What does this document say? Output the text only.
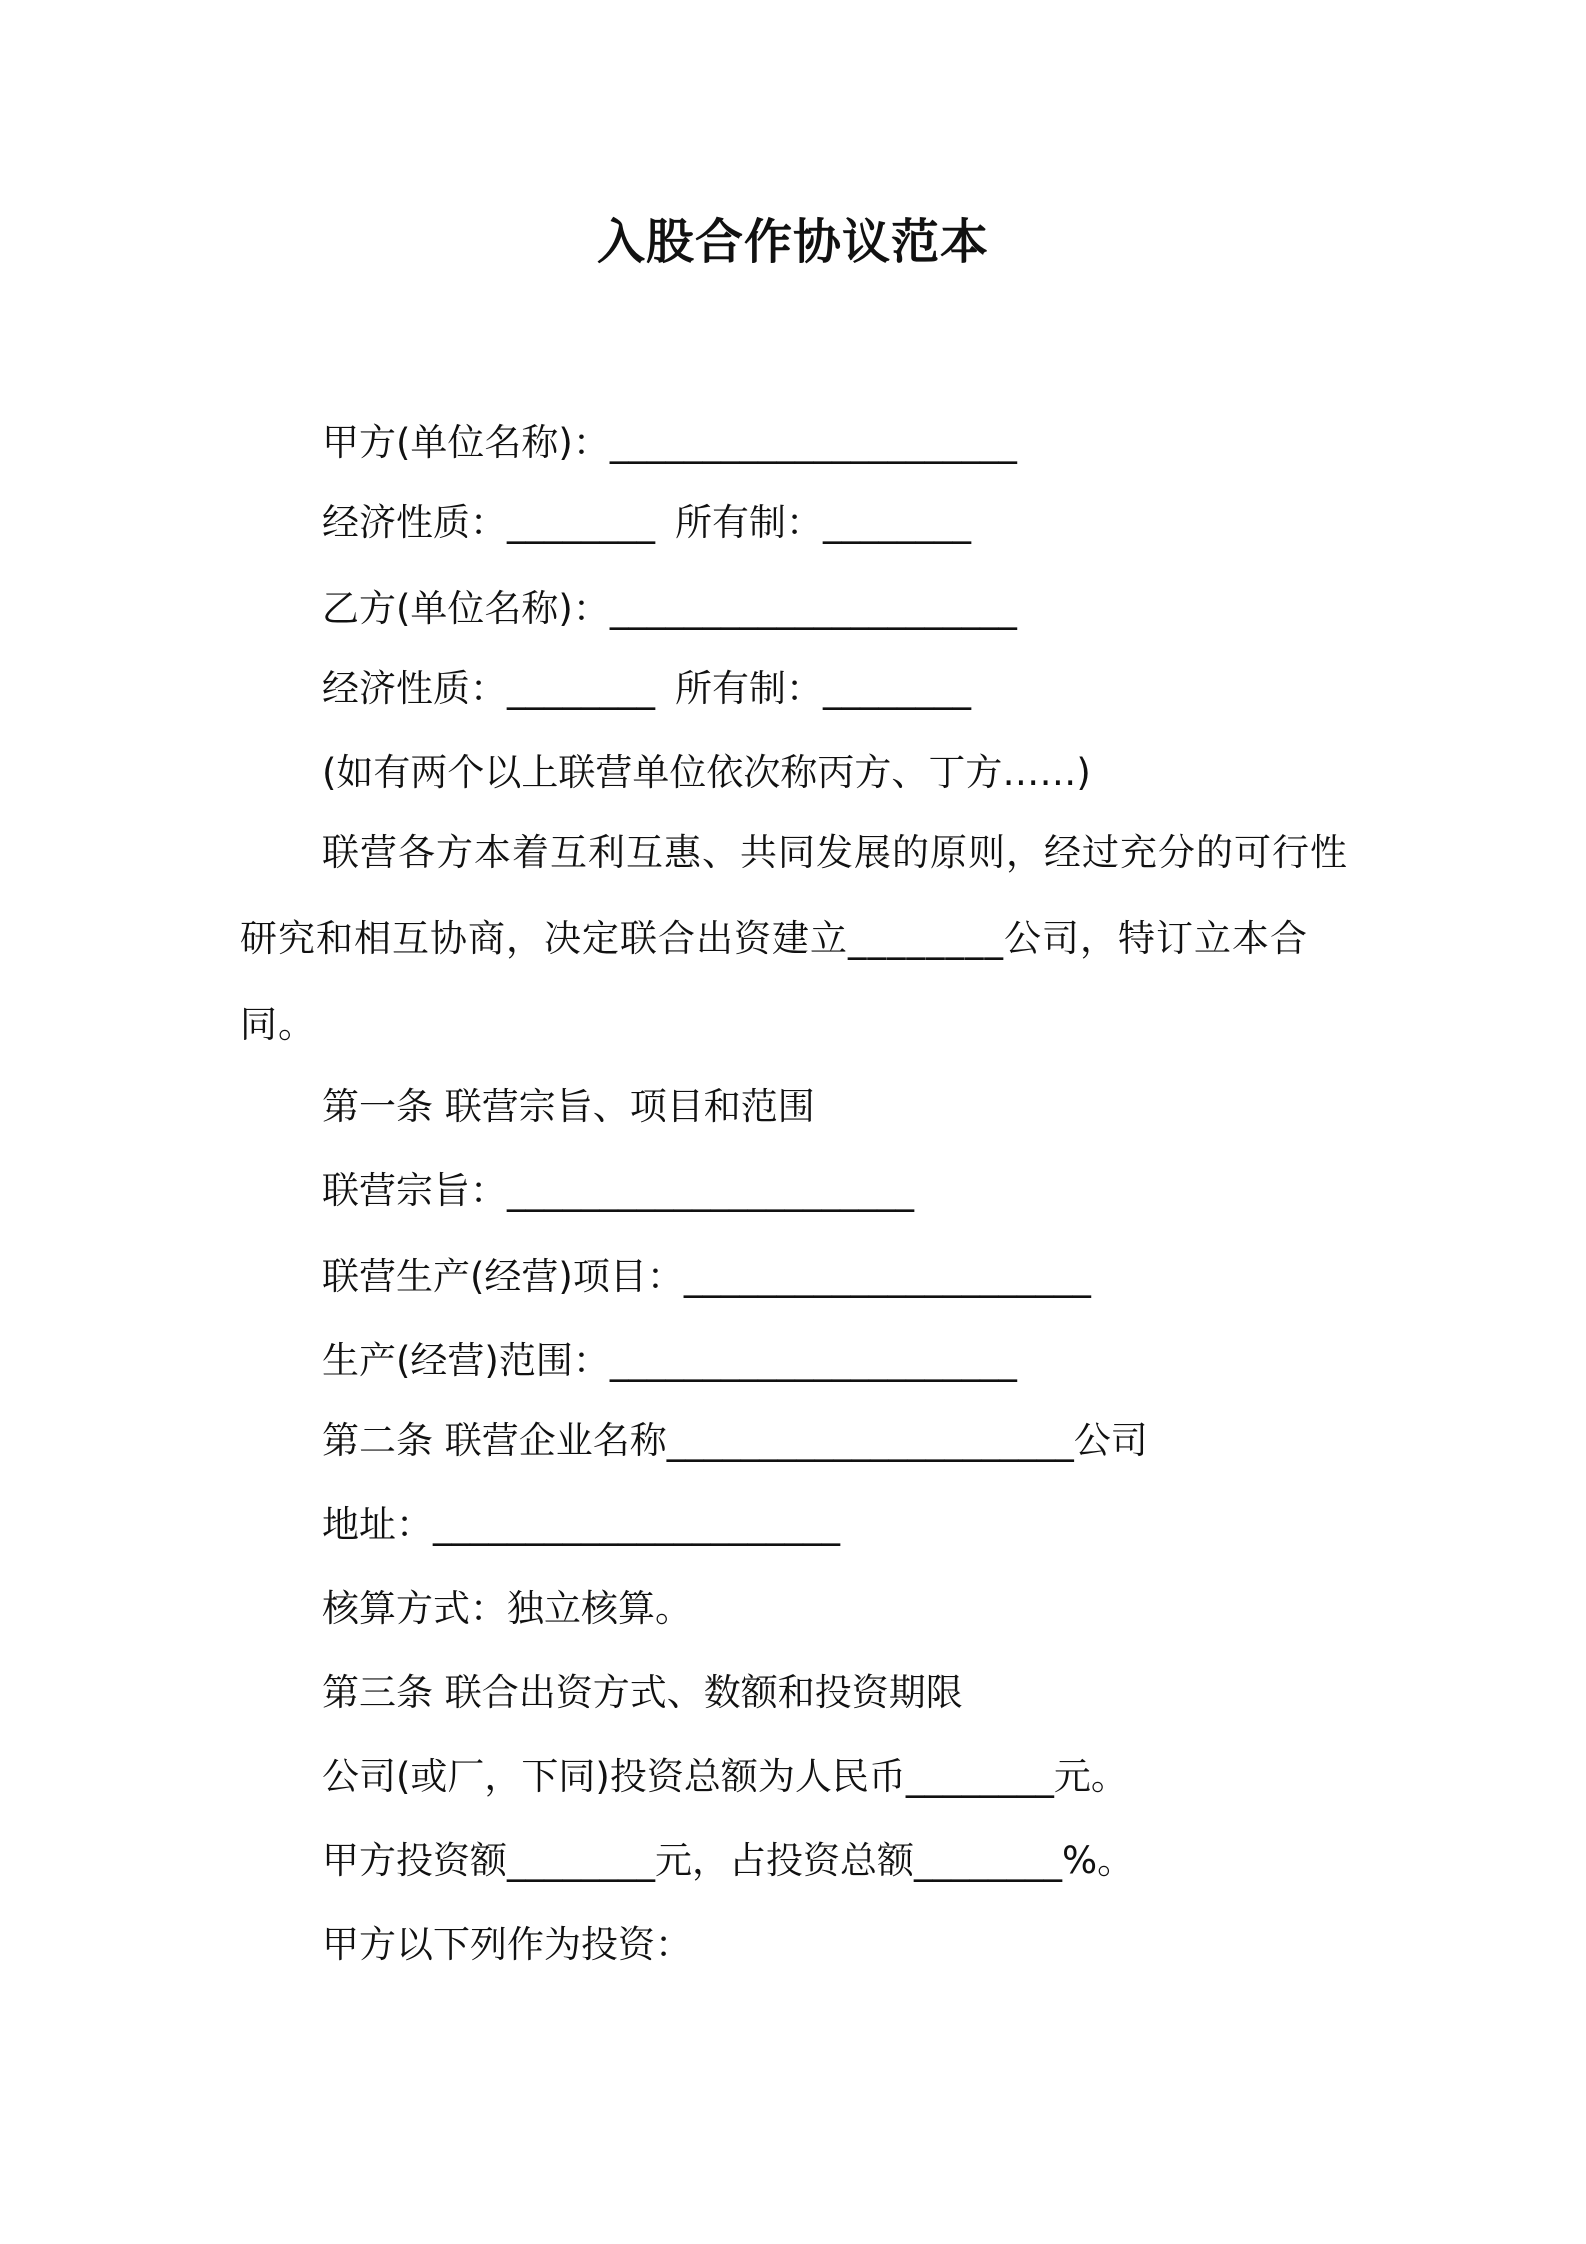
入股合作协议范本
甲方(单位名称)：______________________
经济性质：________ 所有制：________
乙方(单位名称)：______________________
经济性质：________ 所有制：________
(如有两个以上联营单位依次称丙方、丁方……)
联营各方本着互利互惠、共同发展的原则，经过充分的可行性研究和相互协商，决定联合出资建立________公司，特订立本合同。
第一条 联营宗旨、项目和范围
联营宗旨：______________________
联营生产(经营)项目：______________________
生产(经营)范围：______________________
第二条 联营企业名称______________________公司
地址：______________________
核算方式：独立核算。
第三条 联合出资方式、数额和投资期限
公司(或厂，下同)投资总额为人民币________元。
甲方投资额________元，占投资总额________%。
甲方以下列作为投资：
